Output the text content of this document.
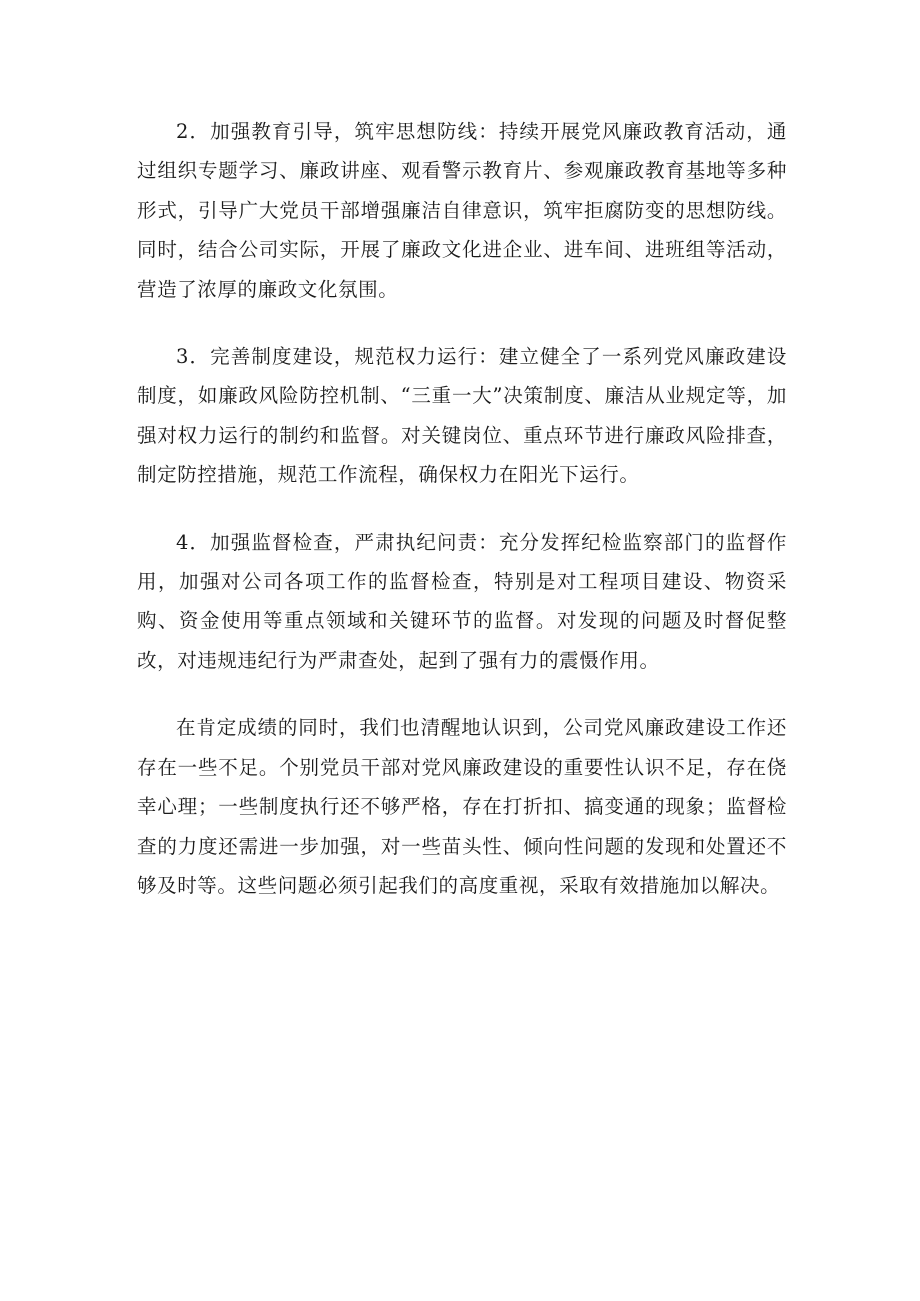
2．加强教育引导，筑牢思想防线：持续开展党风廉政教育活动，通过组织专题学习、廉政讲座、观看警示教育片、参观廉政教育基地等多种形式，引导广大党员干部增强廉洁自律意识，筑牢拒腐防变的思想防线。同时，结合公司实际，开展了廉政文化进企业、进车间、进班组等活动，营造了浓厚的廉政文化氛围。

3．完善制度建设，规范权力运行：建立健全了一系列党风廉政建设制度，如廉政风险防控机制、“三重一大”决策制度、廉洁从业规定等，加强对权力运行的制约和监督。对关键岗位、重点环节进行廉政风险排查，制定防控措施，规范工作流程，确保权力在阳光下运行。

4．加强监督检查，严肃执纪问责：充分发挥纪检监察部门的监督作用，加强对公司各项工作的监督检查，特别是对工程项目建设、物资采购、资金使用等重点领域和关键环节的监督。对发现的问题及时督促整改，对违规违纪行为严肃查处，起到了强有力的震慑作用。

在肯定成绩的同时，我们也清醒地认识到，公司党风廉政建设工作还存在一些不足。个别党员干部对党风廉政建设的重要性认识不足，存在侥幸心理；一些制度执行还不够严格，存在打折扣、搞变通的现象；监督检查的力度还需进一步加强，对一些苗头性、倾向性问题的发现和处置还不够及时等。这些问题必须引起我们的高度重视，采取有效措施加以解决。
